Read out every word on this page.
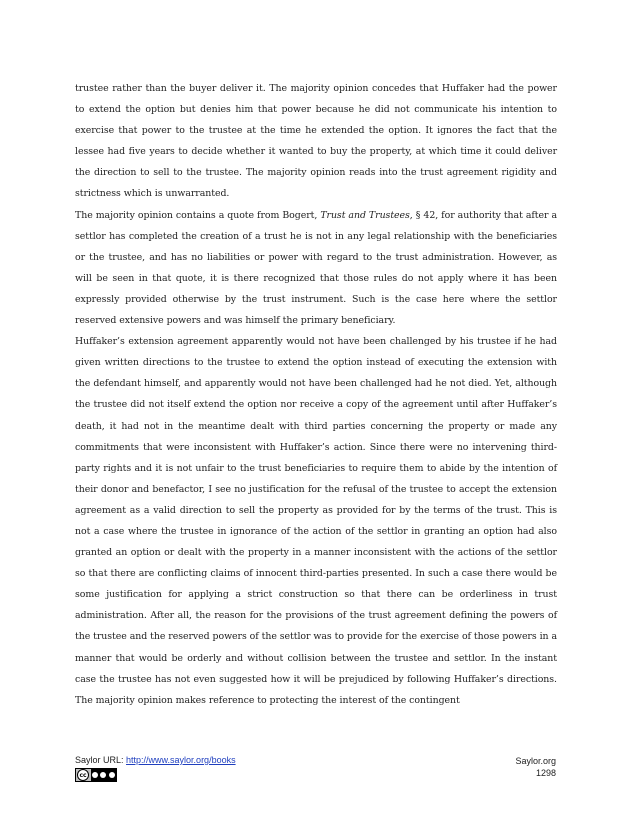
trustee rather than the buyer deliver it. The majority opinion concedes that Huffaker had the power to extend the option but denies him that power because he did not communicate his intention to exercise that power to the trustee at the time he extended the option. It ignores the fact that the lessee had five years to decide whether it wanted to buy the property, at which time it could deliver the direction to sell to the trustee. The majority opinion reads into the trust agreement rigidity and strictness which is unwarranted.

The majority opinion contains a quote from Bogert, Trust and Trustees, § 42, for authority that after a settlor has completed the creation of a trust he is not in any legal relationship with the beneficiaries or the trustee, and has no liabilities or power with regard to the trust administration. However, as will be seen in that quote, it is there recognized that those rules do not apply where it has been expressly provided otherwise by the trust instrument. Such is the case here where the settlor reserved extensive powers and was himself the primary beneficiary.

Huffaker’s extension agreement apparently would not have been challenged by his trustee if he had given written directions to the trustee to extend the option instead of executing the extension with the defendant himself, and apparently would not have been challenged had he not died. Yet, although the trustee did not itself extend the option nor receive a copy of the agreement until after Huffaker’s death, it had not in the meantime dealt with third parties concerning the property or made any commitments that were inconsistent with Huffaker’s action. Since there were no intervening third-party rights and it is not unfair to the trust beneficiaries to require them to abide by the intention of their donor and benefactor, I see no justification for the refusal of the trustee to accept the extension agreement as a valid direction to sell the property as provided for by the terms of the trust. This is not a case where the trustee in ignorance of the action of the settlor in granting an option had also granted an option or dealt with the property in a manner inconsistent with the actions of the settlor so that there are conflicting claims of innocent third-parties presented. In such a case there would be some justification for applying a strict construction so that there can be orderliness in trust administration. After all, the reason for the provisions of the trust agreement defining the powers of the trustee and the reserved powers of the settlor was to provide for the exercise of those powers in a manner that would be orderly and without collision between the trustee and settlor. In the instant case the trustee has not even suggested how it will be prejudiced by following Huffaker’s directions. The majority opinion makes reference to protecting the interest of the contingent

Saylor URL: http://www.saylor.org/books
cc
Saylor.org
1298
